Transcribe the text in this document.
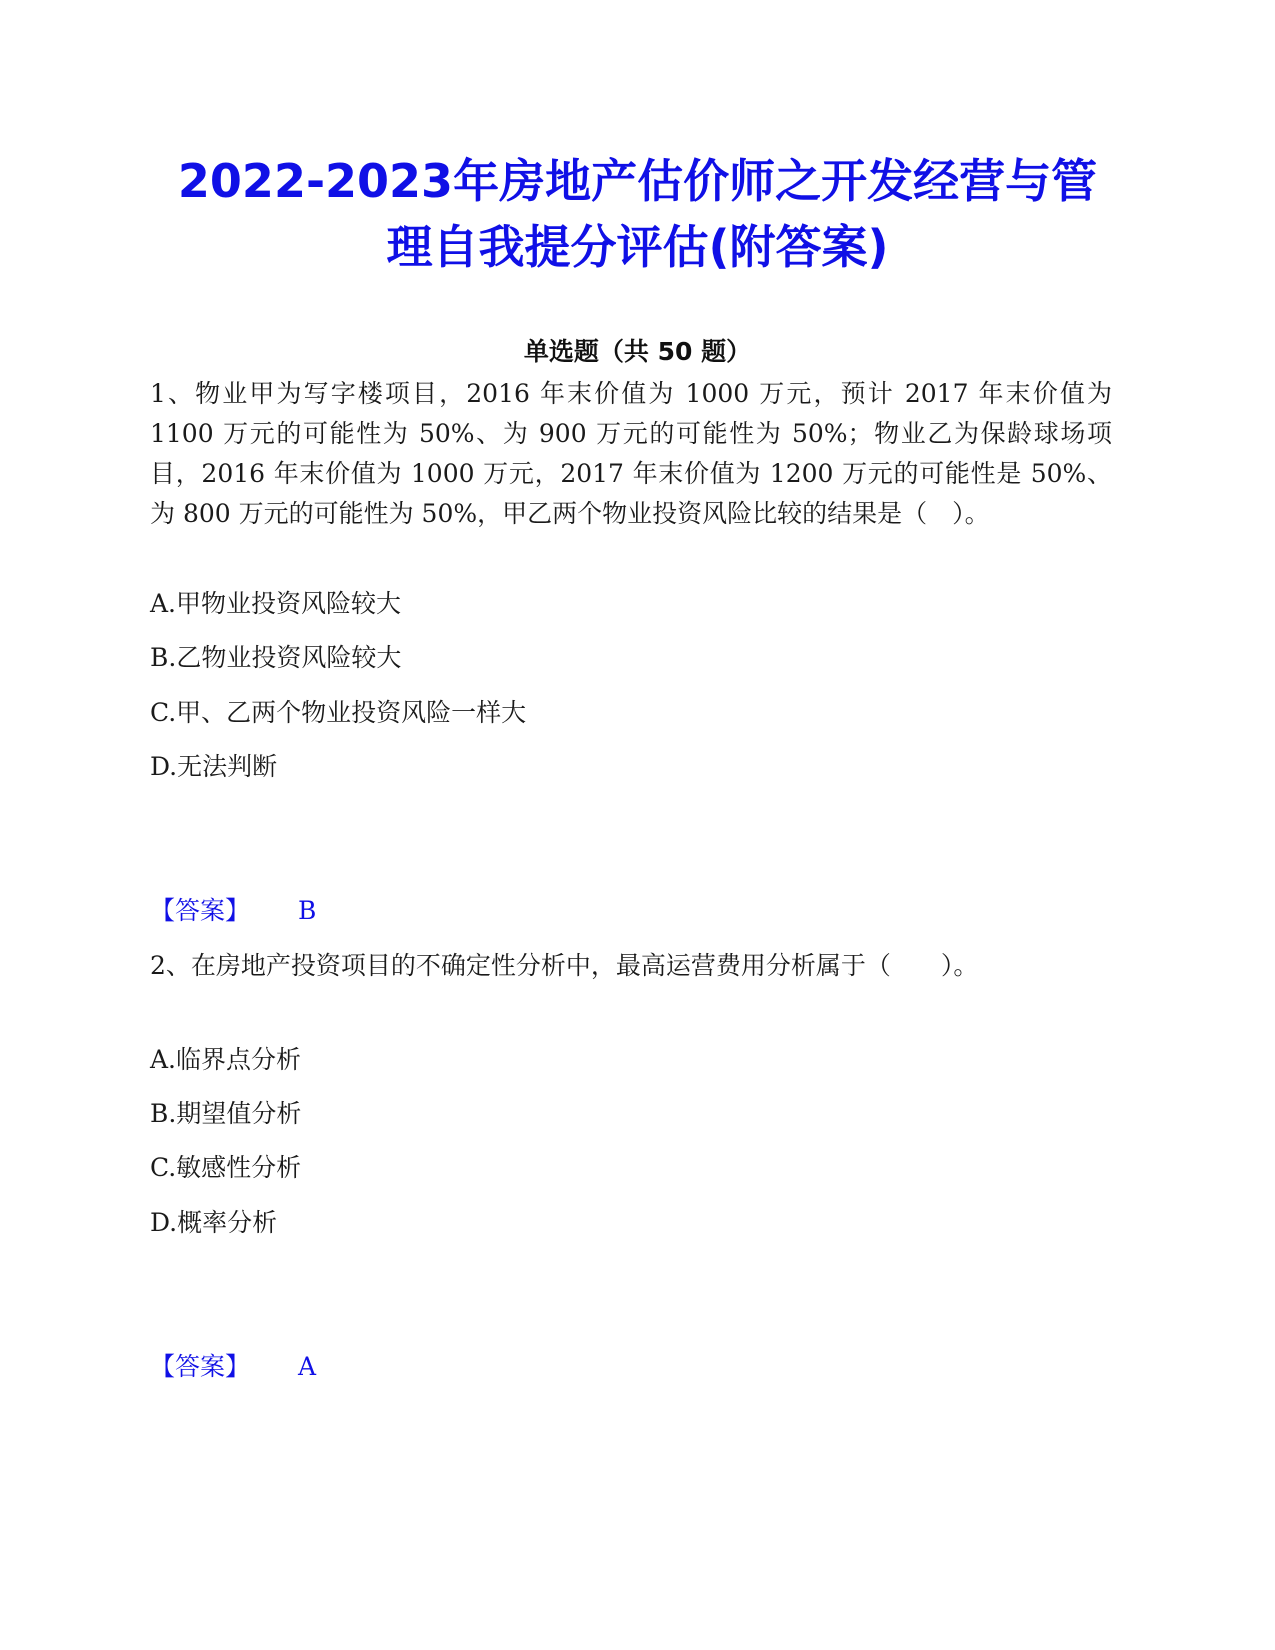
2022-2023年房地产估价师之开发经营与管
理自我提分评估(附答案)

单选题（共 50 题）

1、物业甲为写字楼项目，2016 年末价值为 1000 万元，预计 2017 年末价值为 1100 万元的可能性为 50%、为 900 万元的可能性为 50%；物业乙为保龄球场项目，2016 年末价值为 1000 万元，2017 年末价值为 1200 万元的可能性是 50%、为 800 万元的可能性为 50%，甲乙两个物业投资风险比较的结果是（　）。

A.甲物业投资风险较大

B.乙物业投资风险较大

C.甲、乙两个物业投资风险一样大

D.无法判断

【答案】 B

2、在房地产投资项目的不确定性分析中，最高运营费用分析属于（　　）。

A.临界点分析

B.期望值分析

C.敏感性分析

D.概率分析

【答案】 A
